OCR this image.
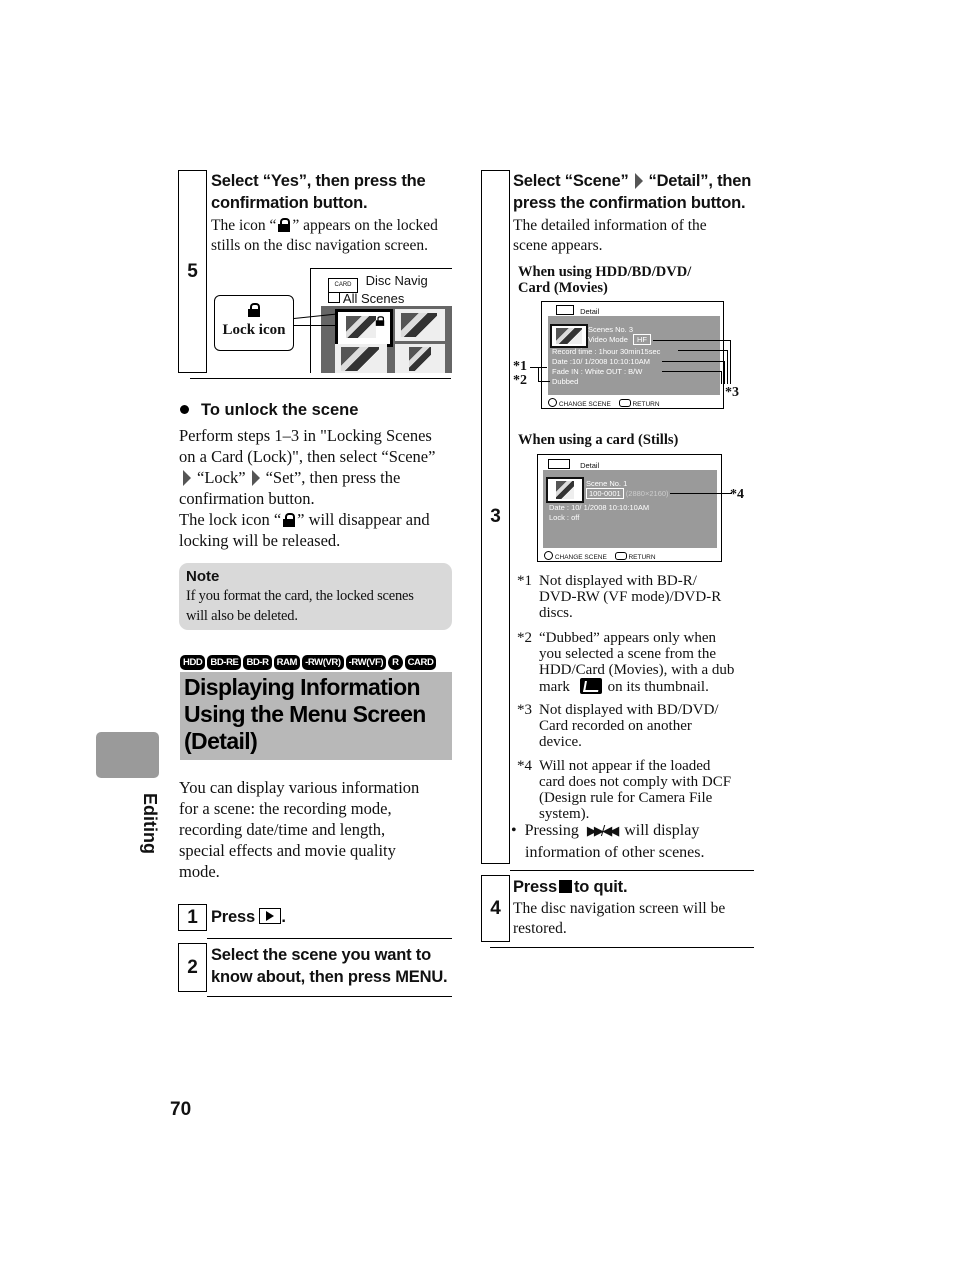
5
Select “Yes”, then press the
confirmation button.
The icon “ ” appears on the locked
stills on the disc navigation screen.
Lock icon
CARD Disc Navig
All Scenes
To unlock the scene
Perform steps 1–3 in "Locking Scenes
on a Card (Lock)", then select “Scene”
“Lock” “Set”, then press the
confirmation button.
The lock icon “ ” will disappear and
locking will be released.
Note
If you format the card, the locked scenes
will also be deleted.
HDD BD-RE BD-R RAM -RW(VR) -RW(VF) R CARD
Displaying Information
Using the Menu Screen
(Detail)
You can display various information
for a scene: the recording mode,
recording date/time and length,
special effects and movie quality
mode.
1 Press .
2
Select the scene you want to
know about, then press MENU.
Editing
70
3
Select “Scene” “Detail”, then
press the confirmation button.
The detailed information of the
scene appears.
When using HDD/BD/DVD/
Card (Movies)
Detail
Scenes No. 3
Video Mode HF
Record time : 1hour 30min15sec
Date :10/ 1/2008 10:10:10AM
Fade IN : White OUT : B/W
Dubbed
CHANGE SCENE	RETURN
*1
*2
*3
When using a card (Stills)
Detail
Scene No. 1
100-0001 (2880×2160)
Date : 10/ 1/2008 10:10:10AM
Lock : off
CHANGE SCENE	RETURN
*4
*1 Not displayed with BD-R/
DVD-RW (VF mode)/DVD-R
discs.
*2 “Dubbed” appears only when
you selected a scene from the
HDD/Card (Movies), with a dub
mark	on its thumbnail.
*3 Not displayed with BD/DVD/
Card recorded on another
device.
*4 Will not appear if the loaded
card does not comply with DCF
(Design rule for Camera File
system).
• Pressing ▶▶/◀◀ will display
information of other scenes.
4
Press to quit.
The disc navigation screen will be
restored.
